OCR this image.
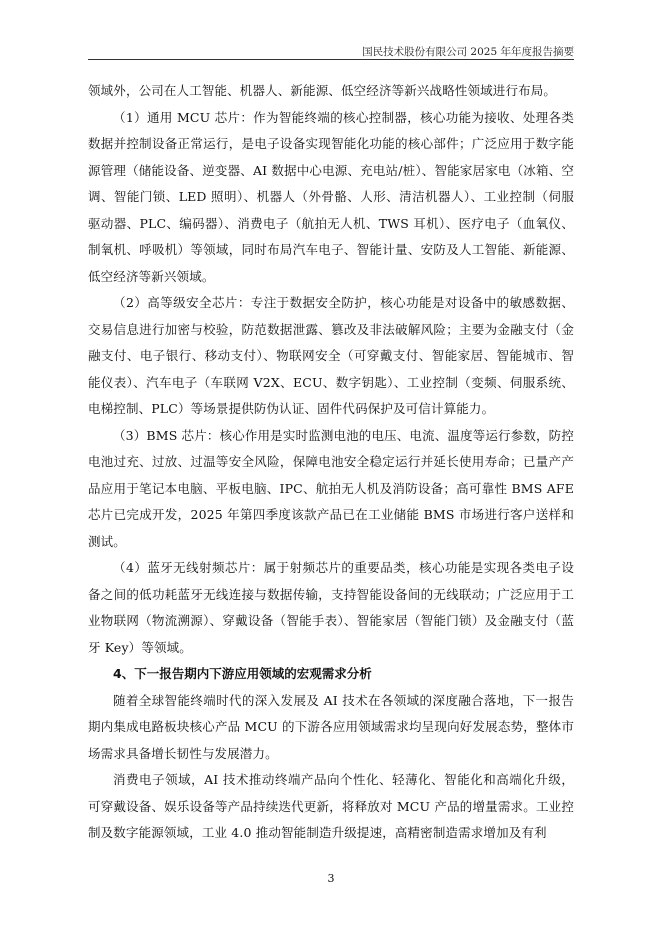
国民技术股份有限公司 2025 年年度报告摘要

领域外，公司在人工智能、机器人、新能源、低空经济等新兴战略性领域进行布局。

（1）通用 MCU 芯片：作为智能终端的核心控制器，核心功能为接收、处理各类数据并控制设备正常运行，是电子设备实现智能化功能的核心部件；广泛应用于数字能源管理（储能设备、逆变器、AI 数据中心电源、充电站/桩）、智能家居家电（冰箱、空调、智能门锁、LED 照明）、机器人（外骨骼、人形、清洁机器人）、工业控制（伺服驱动器、PLC、编码器）、消费电子（航拍无人机、TWS 耳机）、医疗电子（血氧仪、制氧机、呼吸机）等领域，同时布局汽车电子、智能计量、安防及人工智能、新能源、低空经济等新兴领域。

（2）高等级安全芯片：专注于数据安全防护，核心功能是对设备中的敏感数据、交易信息进行加密与校验，防范数据泄露、篡改及非法破解风险；主要为金融支付（金融支付、电子银行、移动支付）、物联网安全（可穿戴支付、智能家居、智能城市、智能仪表）、汽车电子（车联网 V2X、ECU、数字钥匙）、工业控制（变频、伺服系统、电梯控制、PLC）等场景提供防伪认证、固件代码保护及可信计算能力。

（3）BMS 芯片：核心作用是实时监测电池的电压、电流、温度等运行参数，防控电池过充、过放、过温等安全风险，保障电池安全稳定运行并延长使用寿命；已量产产品应用于笔记本电脑、平板电脑、IPC、航拍无人机及消防设备；高可靠性 BMS AFE 芯片已完成开发，2025 年第四季度该款产品已在工业储能 BMS 市场进行客户送样和测试。

（4）蓝牙无线射频芯片：属于射频芯片的重要品类，核心功能是实现各类电子设备之间的低功耗蓝牙无线连接与数据传输，支持智能设备间的无线联动；广泛应用于工业物联网（物流溯源）、穿戴设备（智能手表）、智能家居（智能门锁）及金融支付（蓝牙 Key）等领域。

4、下一报告期内下游应用领域的宏观需求分析

随着全球智能终端时代的深入发展及 AI 技术在各领域的深度融合落地，下一报告期内集成电路板块核心产品 MCU 的下游各应用领域需求均呈现向好发展态势，整体市场需求具备增长韧性与发展潜力。

消费电子领域，AI 技术推动终端产品向个性化、轻薄化、智能化和高端化升级，可穿戴设备、娱乐设备等产品持续迭代更新，将释放对 MCU 产品的增量需求。工业控制及数字能源领域，工业 4.0 推动智能制造升级提速，高精密制造需求增加及有利

3
